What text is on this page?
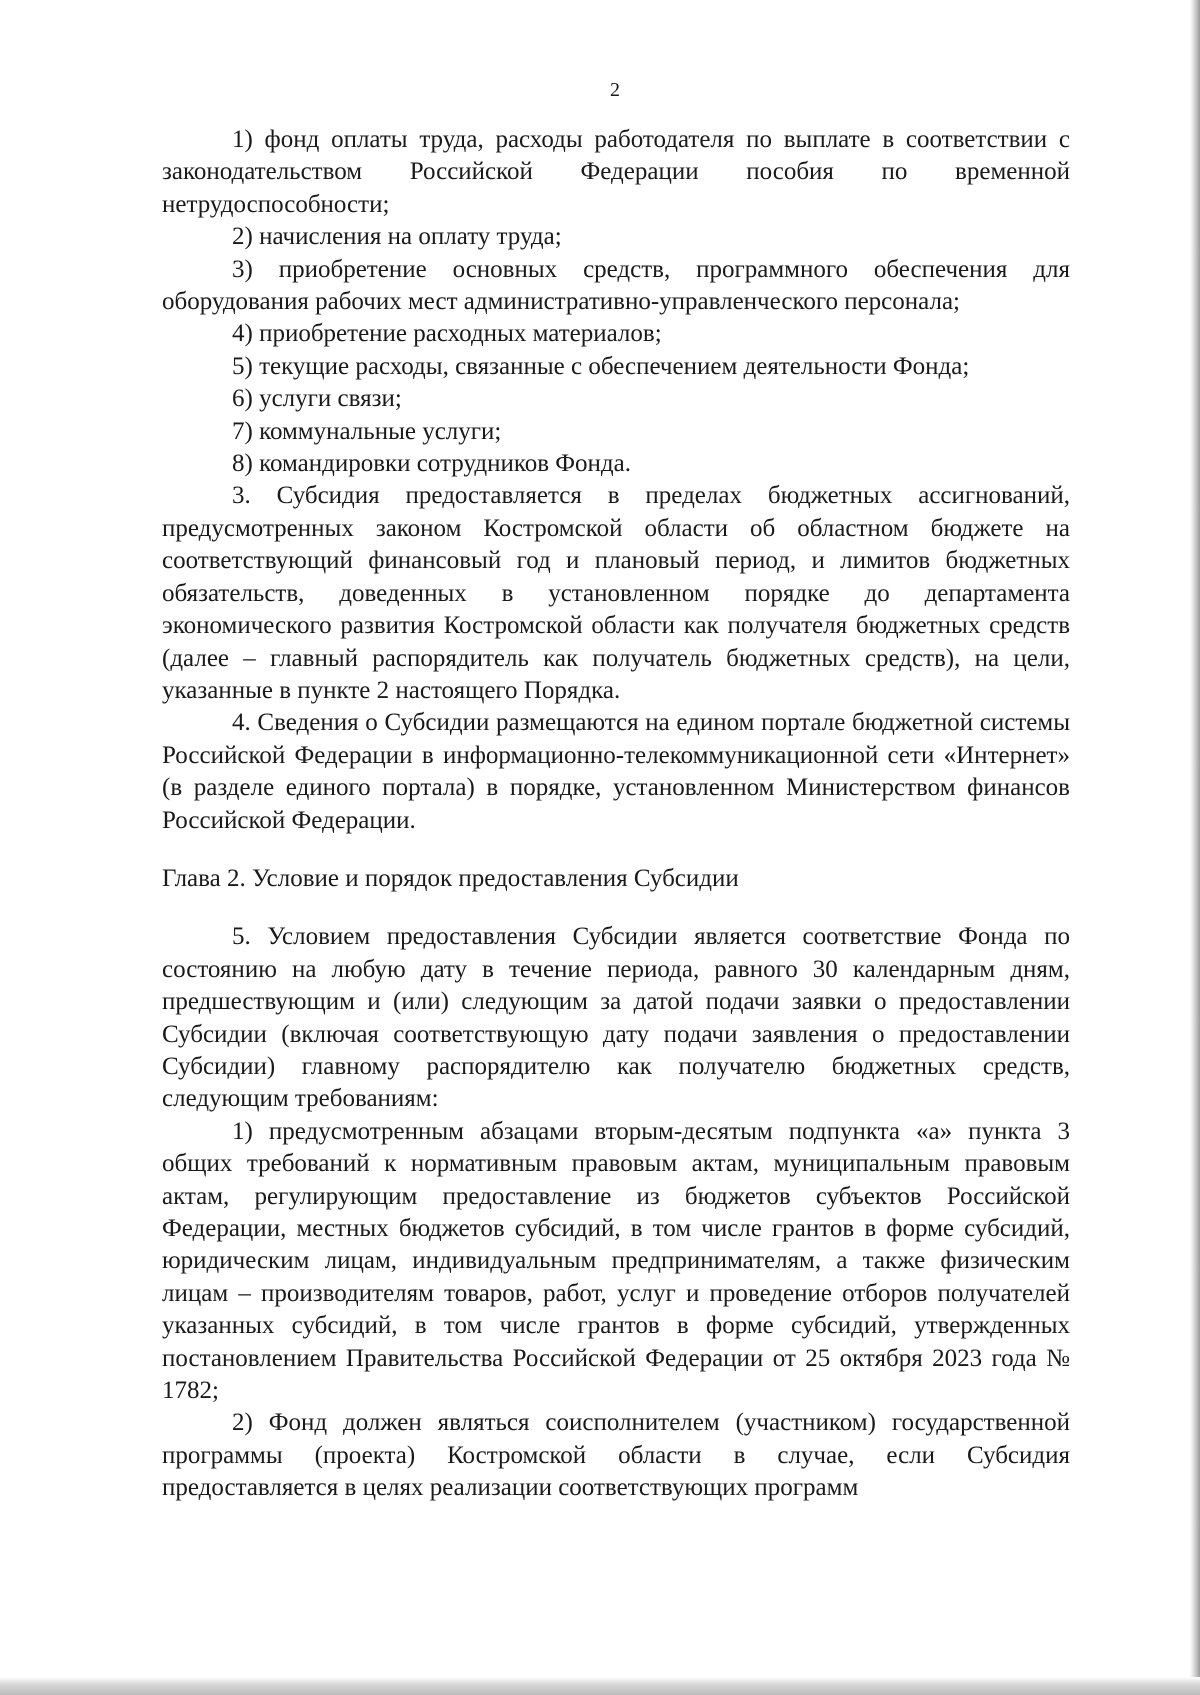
2

1) фонд оплаты труда, расходы работодателя по выплате в соответствии с законодательством Российской Федерации пособия по временной нетрудоспособности;

2) начисления на оплату труда;

3) приобретение основных средств, программного обеспечения для оборудования рабочих мест административно-управленческого персонала;

4) приобретение расходных материалов;

5) текущие расходы, связанные с обеспечением деятельности Фонда;

6) услуги связи;

7) коммунальные услуги;

8) командировки сотрудников Фонда.

3. Субсидия предоставляется в пределах бюджетных ассигнований, предусмотренных законом Костромской области об областном бюджете на соответствующий финансовый год и плановый период, и лимитов бюджетных обязательств, доведенных в установленном порядке до департамента экономического развития Костромской области как получателя бюджетных средств (далее – главный распорядитель как получатель бюджетных средств), на цели, указанные в пункте 2 настоящего Порядка.

4. Сведения о Субсидии размещаются на едином портале бюджетной системы Российской Федерации в информационно-телекоммуникационной сети «Интернет» (в разделе единого портала) в порядке, установленном Министерством финансов Российской Федерации.

Глава 2. Условие и порядок предоставления Субсидии

5. Условием предоставления Субсидии является соответствие Фонда по состоянию на любую дату в течение периода, равного 30 календарным дням, предшествующим и (или) следующим за датой подачи заявки о предоставлении Субсидии (включая соответствующую дату подачи заявления о предоставлении Субсидии) главному распорядителю как получателю бюджетных средств, следующим требованиям:

1) предусмотренным абзацами вторым-десятым подпункта «а» пункта 3 общих требований к нормативным правовым актам, муниципальным правовым актам, регулирующим предоставление из бюджетов субъектов Российской Федерации, местных бюджетов субсидий, в том числе грантов в форме субсидий, юридическим лицам, индивидуальным предпринимателям, а также физическим лицам – производителям товаров, работ, услуг и проведение отборов получателей указанных субсидий, в том числе грантов в форме субсидий, утвержденных постановлением Правительства Российской Федерации от 25 октября 2023 года № 1782;

2) Фонд должен являться соисполнителем (участником) государственной программы (проекта) Костромской области в случае, если Субсидия предоставляется в целях реализации соответствующих программ
